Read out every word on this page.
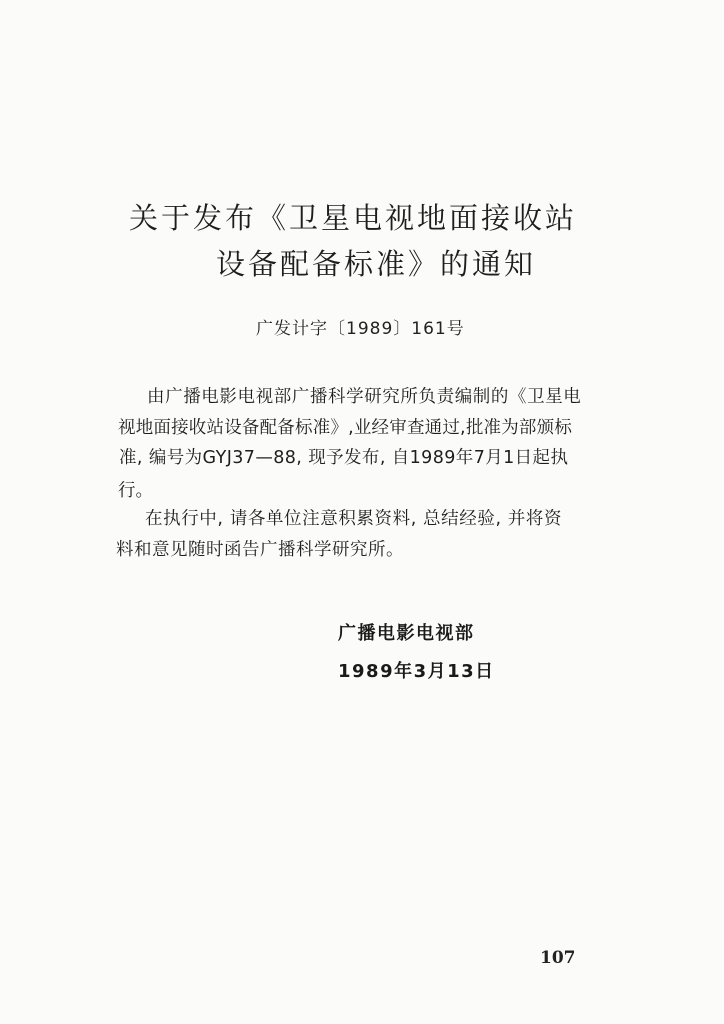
关于发布《卫星电视地面接收站
设备配备标准》的通知
广发计字〔1989〕161号
由广播电影电视部广播科学研究所负责编制的《卫星电
视地面接收站设备配备标准》,业经审查通过,批准为部颁标
准, 编号为GYJ37—88, 现予发布, 自1989年7月1日起执
行。
在执行中, 请各单位注意积累资料, 总结经验, 并将资
料和意见随时函告广播科学研究所。
广播电影电视部
1989年3月13日
107
